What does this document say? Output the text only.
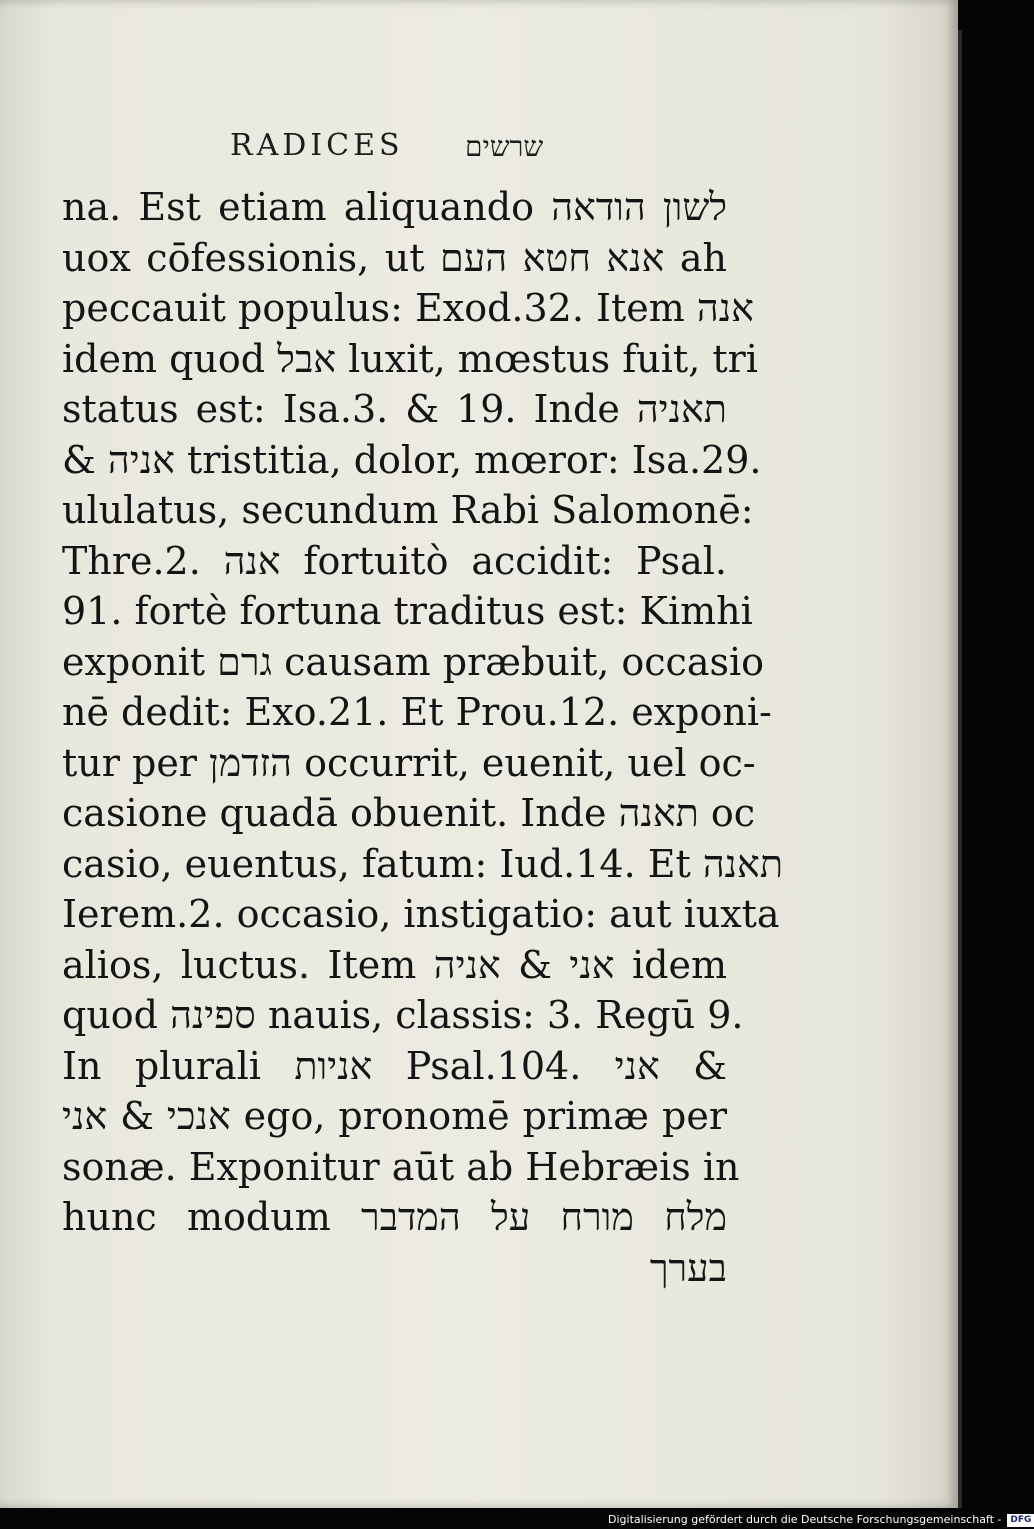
RADICES שרשים
na. Est etiam aliquando לשון הודאה
uox cōfessionis, ut אנא חטא העם ah
peccauit populus: Exod.32. Item אנה
idem quod אבל luxit, mœstus fuit, tri
status est: Isa.3. & 19. Inde תאניה
& אניה tristitia, dolor, mœror: Isa.29.
ululatus, secundum Rabi Salomonē:
Thre.2. אנה fortuitò accidit: Psal.
91. fortè fortuna traditus est: Kimhi
exponit גרם causam præbuit, occasio
nē dedit: Exo.21. Et Prou.12. exponi-
tur per הזדמן occurrit, euenit, uel oc-
casione quadā obuenit. Inde תאנה oc
casio, euentus, fatum: Iud.14. Et תאנה
Ierem.2. occasio, instigatio: aut iuxta
alios, luctus. Item אני & אניה idem
quod ספינה nauis, classis: 3. Regū 9.
In plurali אניות Psal.104. אני &
אנכי & אני ego, pronomē primæ per
sonæ. Exponitur aūt ab Hebræis in
hunc modum מלח מורח על המדבר
בערך
Digitalisierung gefördert durch die Deutsche Forschungsgemeinschaft - DFG
